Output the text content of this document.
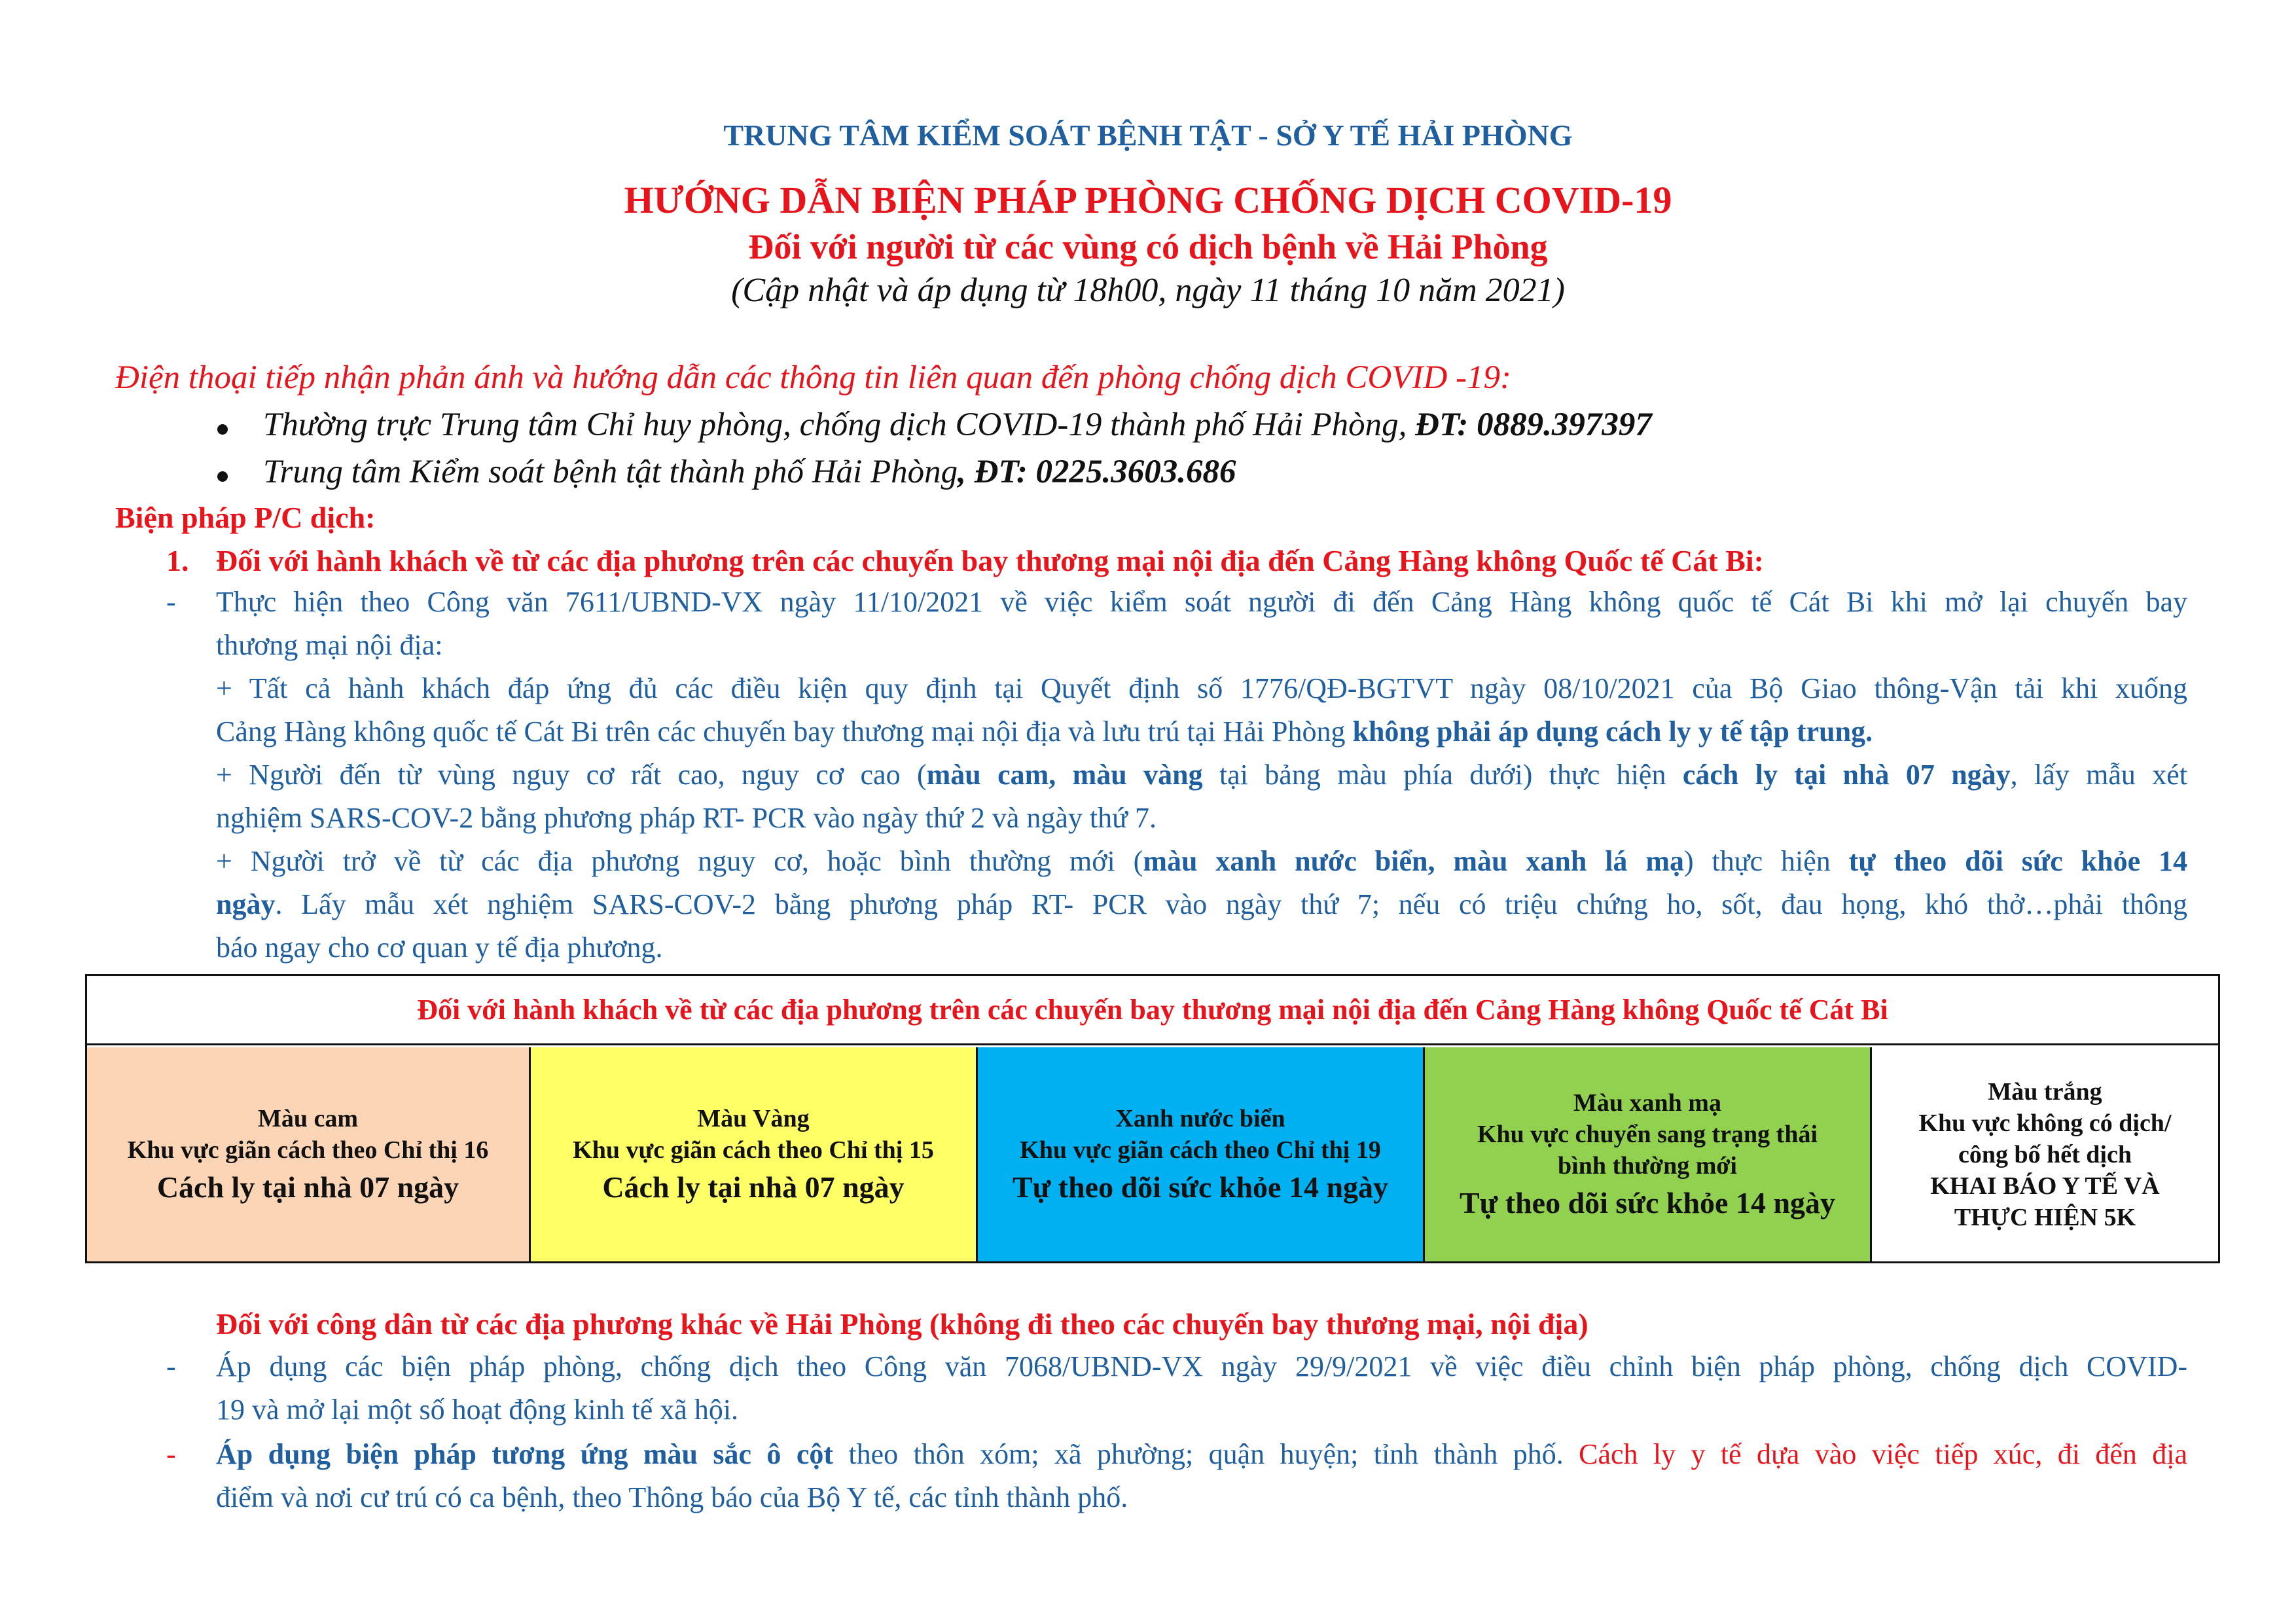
TRUNG TÂM KIỂM SOÁT BỆNH TẬT - SỞ Y TẾ HẢI PHÒNG
HƯỚNG DẪN BIỆN PHÁP PHÒNG CHỐNG DỊCH COVID-19
Đối với người từ các vùng có dịch bệnh về Hải Phòng
(Cập nhật và áp dụng từ 18h00, ngày 11 tháng 10 năm 2021)
Điện thoại tiếp nhận phản ánh và hướng dẫn các thông tin liên quan đến phòng chống dịch COVID -19:
Thường trực Trung tâm Chỉ huy phòng, chống dịch COVID-19 thành phố Hải Phòng, ĐT: 0889.397397
Trung tâm Kiểm soát bệnh tật thành phố Hải Phòng, ĐT: 0225.3603.686
Biện pháp P/C dịch:
1. Đối với hành khách về từ các địa phương trên các chuyến bay thương mại nội địa đến Cảng Hàng không Quốc tế Cát Bi:
- Thực hiện theo Công văn 7611/UBND-VX ngày 11/10/2021 về việc kiểm soát người đi đến Cảng Hàng không quốc tế Cát Bi khi mở lại chuyến bay
thương mại nội địa:
+ Tất cả hành khách đáp ứng đủ các điều kiện quy định tại Quyết định số 1776/QĐ-BGTVT ngày 08/10/2021 của Bộ Giao thông-Vận tải khi xuống
Cảng Hàng không quốc tế Cát Bi trên các chuyến bay thương mại nội địa và lưu trú tại Hải Phòng không phải áp dụng cách ly y tế tập trung.
+ Người đến từ vùng nguy cơ rất cao, nguy cơ cao (màu cam, màu vàng tại bảng màu phía dưới) thực hiện cách ly tại nhà 07 ngày, lấy mẫu xét
nghiệm SARS-COV-2 bằng phương pháp RT- PCR vào ngày thứ 2 và ngày thứ 7.
+ Người trở về từ các địa phương nguy cơ, hoặc bình thường mới (màu xanh nước biển, màu xanh lá mạ) thực hiện tự theo dõi sức khỏe 14
ngày. Lấy mẫu xét nghiệm SARS-COV-2 bằng phương pháp RT- PCR vào ngày thứ 7; nếu có triệu chứng ho, sốt, đau họng, khó thở…phải thông
báo ngay cho cơ quan y tế địa phương.
Đối với hành khách về từ các địa phương trên các chuyến bay thương mại nội địa đến Cảng Hàng không Quốc tế Cát Bi
Màu cam
Khu vực giãn cách theo Chỉ thị 16
Cách ly tại nhà 07 ngày
Màu Vàng
Khu vực giãn cách theo Chỉ thị 15
Cách ly tại nhà 07 ngày
Xanh nước biển
Khu vực giãn cách theo Chỉ thị 19
Tự theo dõi sức khỏe 14 ngày
Màu xanh mạ
Khu vực chuyển sang trạng thái
bình thường mới
Tự theo dõi sức khỏe 14 ngày
Màu trắng
Khu vực không có dịch/
công bố hết dịch
KHAI BÁO Y TẾ VÀ
THỰC HIỆN 5K
Đối với công dân từ các địa phương khác về Hải Phòng (không đi theo các chuyến bay thương mại, nội địa)
- Áp dụng các biện pháp phòng, chống dịch theo Công văn 7068/UBND-VX ngày 29/9/2021 về việc điều chỉnh biện pháp phòng, chống dịch COVID-
19 và mở lại một số hoạt động kinh tế xã hội.
- Áp dụng biện pháp tương ứng màu sắc ô cột theo thôn xóm; xã phường; quận huyện; tỉnh thành phố. Cách ly y tế dựa vào việc tiếp xúc, đi đến địa
điểm và nơi cư trú có ca bệnh, theo Thông báo của Bộ Y tế, các tỉnh thành phố.
